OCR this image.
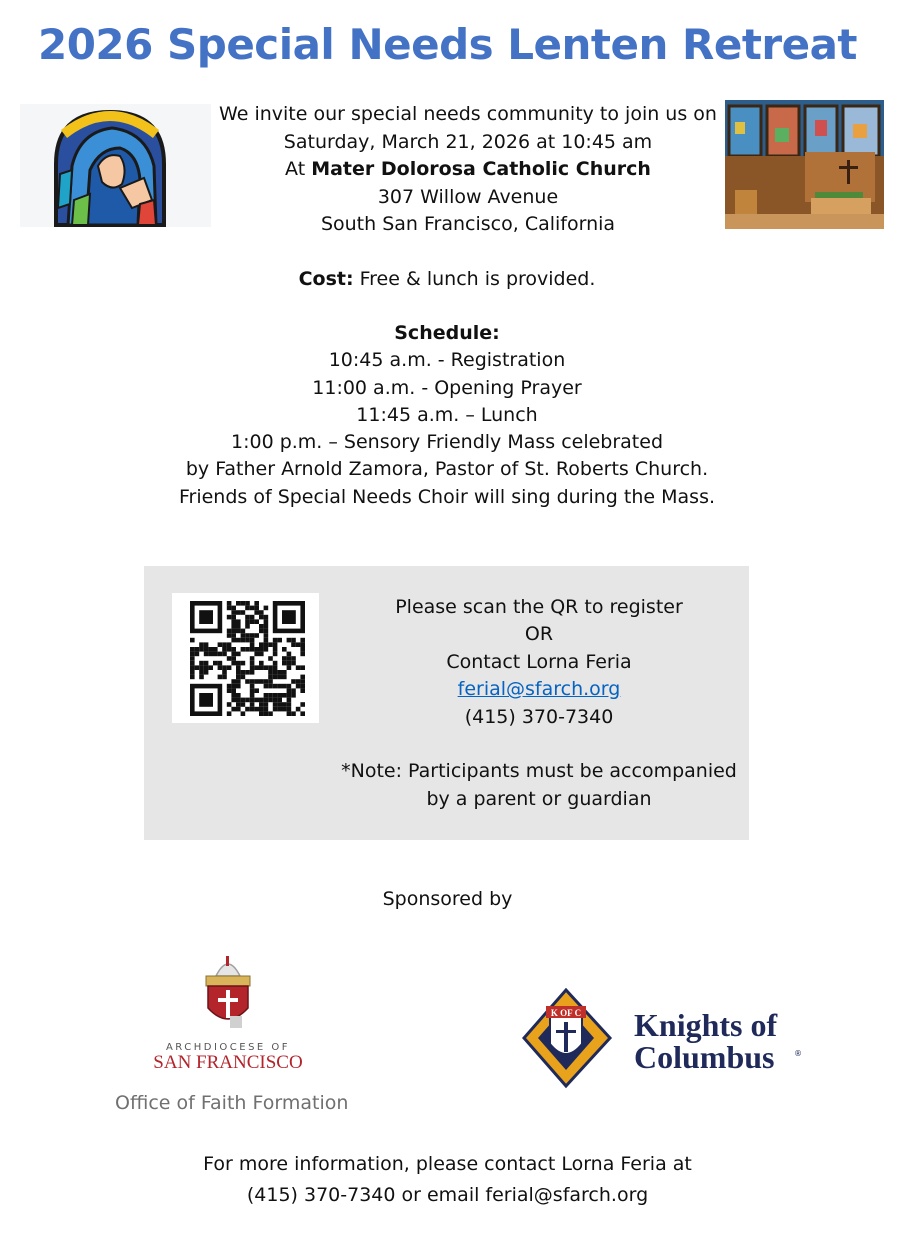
2026 Special Needs Lenten Retreat
We invite our special needs community to join us on
Saturday, March 21, 2026 at 10:45 am
At Mater Dolorosa Catholic Church
307 Willow Avenue
South San Francisco, California
Cost: Free & lunch is provided.
Schedule:
10:45 a.m. - Registration
11:00 a.m. - Opening Prayer
11:45 a.m. – Lunch
1:00 p.m. – Sensory Friendly Mass celebrated
by Father Arnold Zamora, Pastor of St. Roberts Church.
Friends of Special Needs Choir will sing during the Mass.
Please scan the QR to register
OR
Contact Lorna Feria
ferial@sfarch.org
(415) 370-7340

*Note: Participants must be accompanied
by a parent or guardian
Sponsored by
ARCHDIOCESE OF
SAN FRANCISCO
Office of Faith Formation
K OF C Knights of
Columbus ®
For more information, please contact Lorna Feria at
(415) 370-7340 or email ferial@sfarch.org
